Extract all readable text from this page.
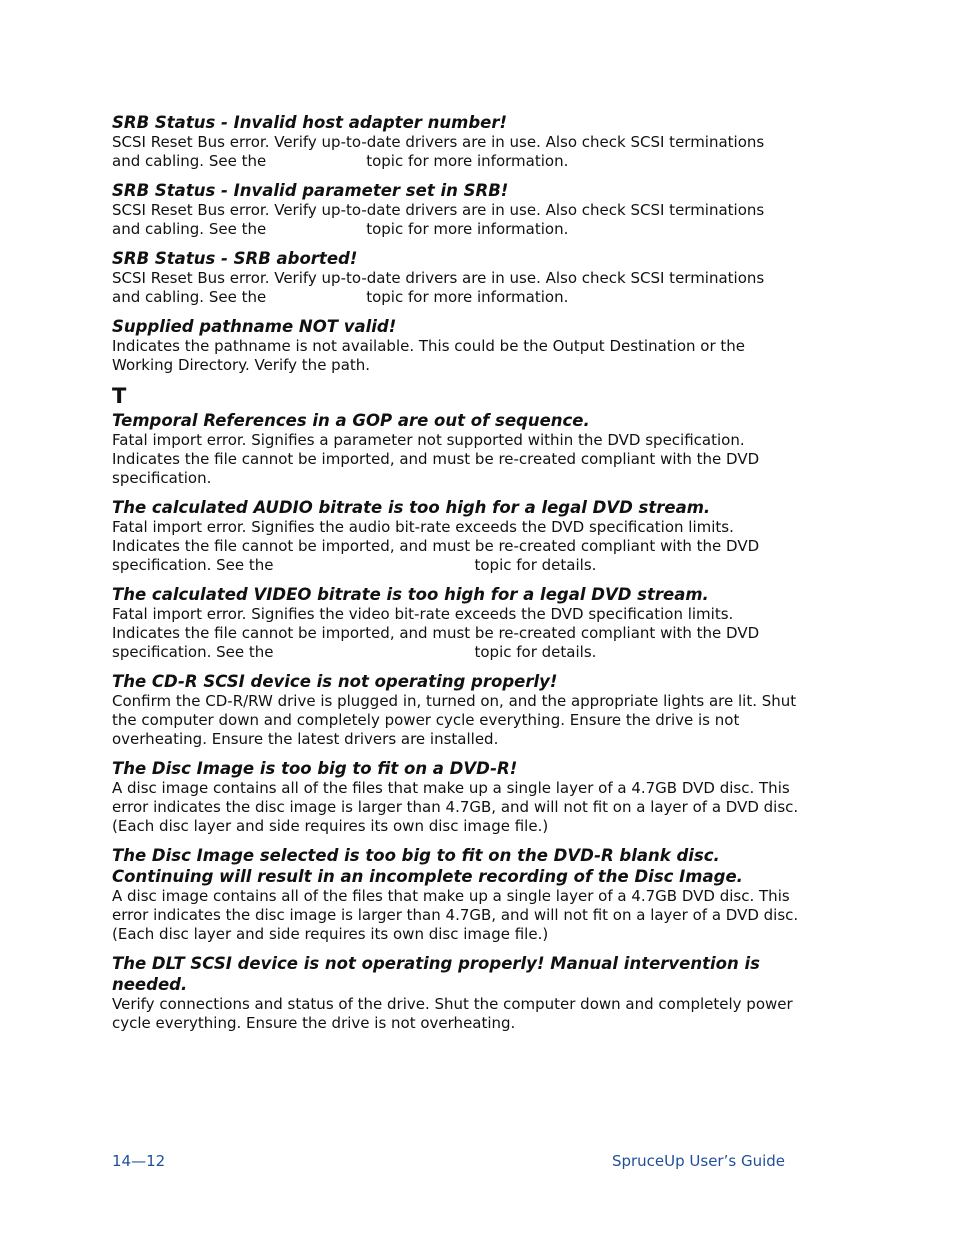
SRB Status - Invalid host adapter number!

SCSI Reset Bus error. Verify up-to-date drivers are in use. Also check SCSI terminations
and cabling. See the	topic for more information.

SRB Status - Invalid parameter set in SRB!

SCSI Reset Bus error. Verify up-to-date drivers are in use. Also check SCSI terminations
and cabling. See the	topic for more information.

SRB Status - SRB aborted!

SCSI Reset Bus error. Verify up-to-date drivers are in use. Also check SCSI terminations
and cabling. See the	topic for more information.

Supplied pathname NOT valid!

Indicates the pathname is not available. This could be the Output Destination or the
Working Directory. Verify the path.

T

Temporal References in a GOP are out of sequence.

Fatal import error. Signifies a parameter not supported within the DVD specification.
Indicates the file cannot be imported, and must be re-created compliant with the DVD
specification.

The calculated AUDIO bitrate is too high for a legal DVD stream.

Fatal import error. Signifies the audio bit-rate exceeds the DVD specification limits.
Indicates the file cannot be imported, and must be re-created compliant with the DVD
specification. See the	topic for details.

The calculated VIDEO bitrate is too high for a legal DVD stream.

Fatal import error. Signifies the video bit-rate exceeds the DVD specification limits.
Indicates the file cannot be imported, and must be re-created compliant with the DVD
specification. See the	topic for details.

The CD-R SCSI device is not operating properly!

Confirm the CD-R/RW drive is plugged in, turned on, and the appropriate lights are lit. Shut
the computer down and completely power cycle everything. Ensure the drive is not
overheating. Ensure the latest drivers are installed.

The Disc Image is too big to fit on a DVD-R!

A disc image contains all of the files that make up a single layer of a 4.7GB DVD disc. This
error indicates the disc image is larger than 4.7GB, and will not fit on a layer of a DVD disc.
(Each disc layer and side requires its own disc image file.)

The Disc Image selected is too big to fit on the DVD-R blank disc.
Continuing will result in an incomplete recording of the Disc Image.

A disc image contains all of the files that make up a single layer of a 4.7GB DVD disc. This
error indicates the disc image is larger than 4.7GB, and will not fit on a layer of a DVD disc.
(Each disc layer and side requires its own disc image file.)

The DLT SCSI device is not operating properly! Manual intervention is
needed.

Verify connections and status of the drive. Shut the computer down and completely power
cycle everything. Ensure the drive is not overheating.

14—12	SpruceUp User’s Guide
